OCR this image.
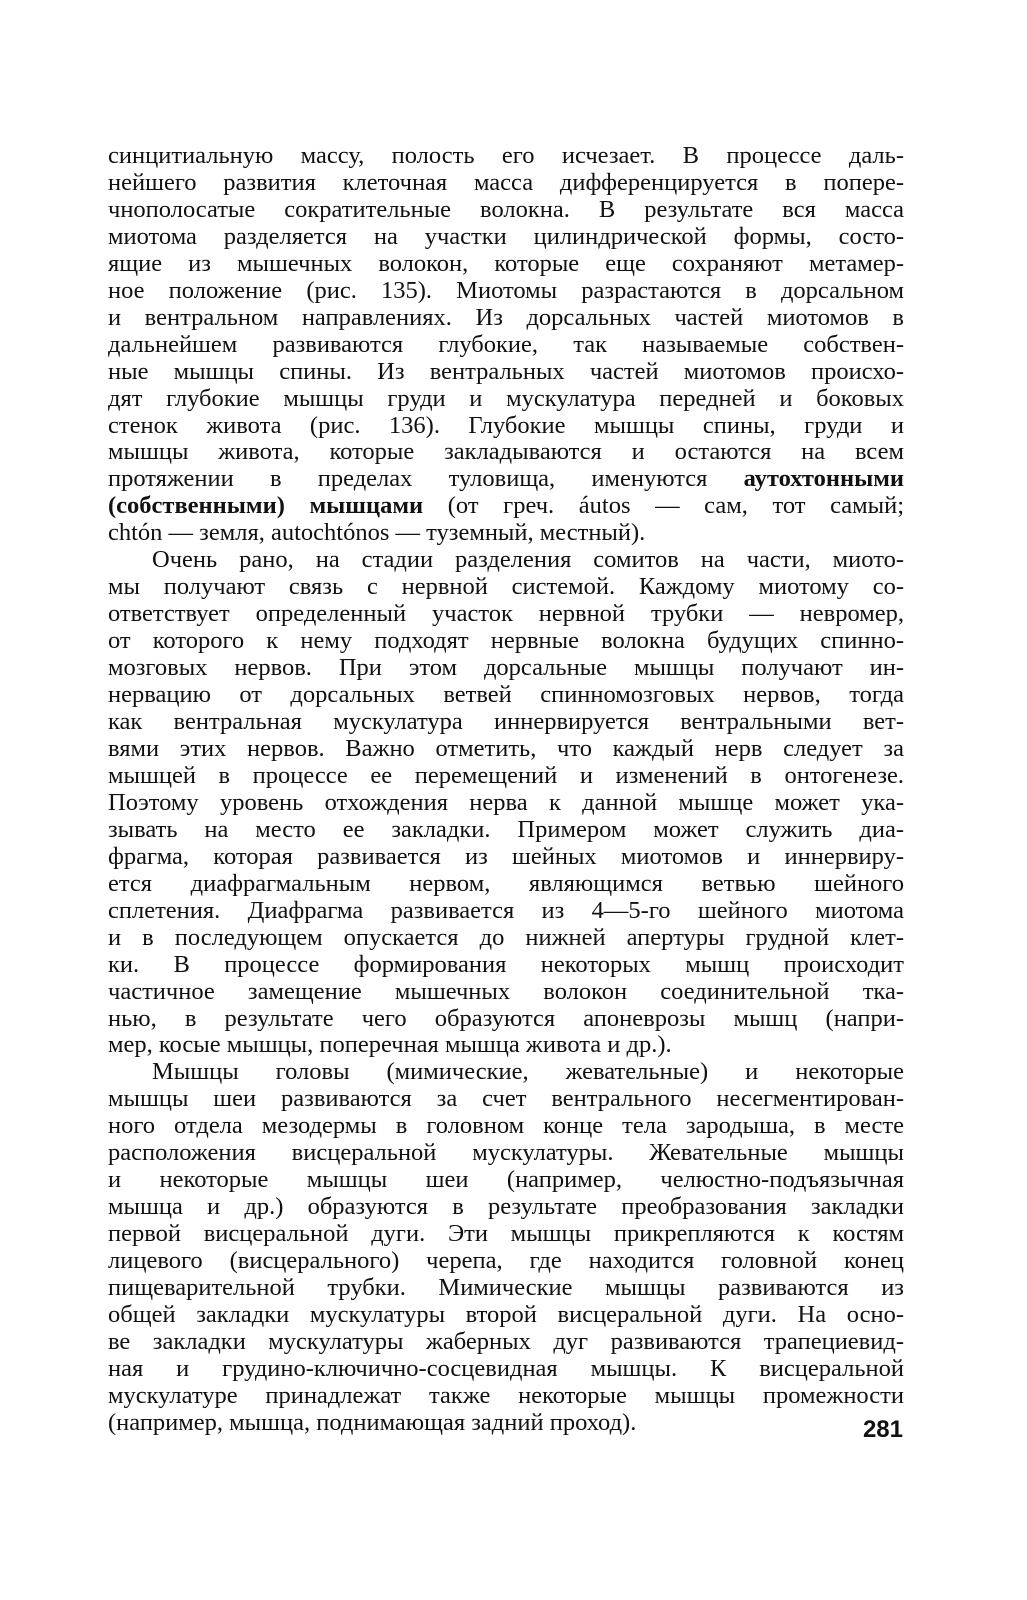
синцитиальную массу, полость его исчезает. В процессе даль-
нейшего развития клеточная масса дифференцируется в попере-
чнополосатые сократительные волокна. В результате вся масса
миотома разделяется на участки цилиндрической формы, состо-
ящие из мышечных волокон, которые еще сохраняют метамер-
ное положение (рис. 135). Миотомы разрастаются в дорсальном
и вентральном направлениях. Из дорсальных частей миотомов в
дальнейшем развиваются глубокие, так называемые собствен-
ные мышцы спины. Из вентральных частей миотомов происхо-
дят глубокие мышцы груди и мускулатура передней и боковых
стенок живота (рис. 136). Глубокие мышцы спины, груди и
мышцы живота, которые закладываются и остаются на всем
протяжении в пределах туловища, именуются аутохтонными
(собственными) мышцами (от греч. áutos — сам, тот самый;
chtón — земля, autochtónos — туземный, местный).
Очень рано, на стадии разделения сомитов на части, миото-
мы получают связь с нервной системой. Каждому миотому со-
ответствует определенный участок нервной трубки — невромер,
от которого к нему подходят нервные волокна будущих спинно-
мозговых нервов. При этом дорсальные мышцы получают ин-
нервацию от дорсальных ветвей спинномозговых нервов, тогда
как вентральная мускулатура иннервируется вентральными вет-
вями этих нервов. Важно отметить, что каждый нерв следует за
мышцей в процессе ее перемещений и изменений в онтогенезе.
Поэтому уровень отхождения нерва к данной мышце может ука-
зывать на место ее закладки. Примером может служить диа-
фрагма, которая развивается из шейных миотомов и иннервиру-
ется диафрагмальным нервом, являющимся ветвью шейного
сплетения. Диафрагма развивается из 4—5-го шейного миотома
и в последующем опускается до нижней апертуры грудной клет-
ки. В процессе формирования некоторых мышц происходит
частичное замещение мышечных волокон соединительной тка-
нью, в результате чего образуются апоневрозы мышц (напри-
мер, косые мышцы, поперечная мышца живота и др.).
Мышцы головы (мимические, жевательные) и некоторые
мышцы шеи развиваются за счет вентрального несегментирован-
ного отдела мезодермы в головном конце тела зародыша, в месте
расположения висцеральной мускулатуры. Жевательные мышцы
и некоторые мышцы шеи (например, челюстно-подъязычная
мышца и др.) образуются в результате преобразования закладки
первой висцеральной дуги. Эти мышцы прикрепляются к костям
лицевого (висцерального) черепа, где находится головной конец
пищеварительной трубки. Мимические мышцы развиваются из
общей закладки мускулатуры второй висцеральной дуги. На осно-
ве закладки мускулатуры жаберных дуг развиваются трапециевид-
ная и грудино-ключично-сосцевидная мышцы. К висцеральной
мускулатуре принадлежат также некоторые мышцы промежности
(например, мышца, поднимающая задний проход).	281
